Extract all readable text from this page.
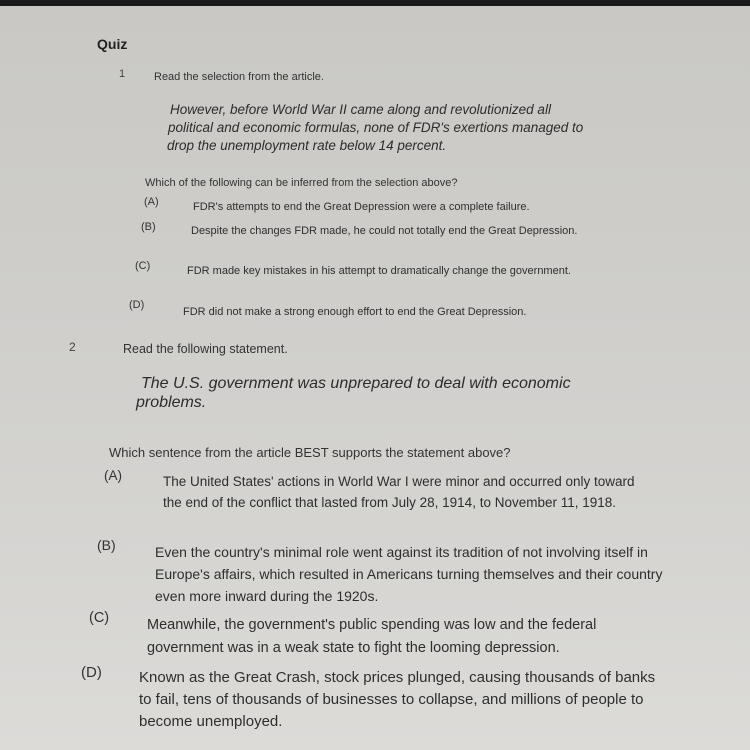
Quiz
1	Read the selection from the article.
However, before World War II came along and revolutionized all
political and economic formulas, none of FDR's exertions managed to
drop the unemployment rate below 14 percent.
Which of the following can be inferred from the selection above?
(A)	FDR's attempts to end the Great Depression were a complete failure.
(B)	Despite the changes FDR made, he could not totally end the Great Depression.
(C)	FDR made key mistakes in his attempt to dramatically change the government.
(D)
FDR did not make a strong enough effort to end the Great Depression.
2	Read the following statement.
The U.S. government was unprepared to deal with economic
problems.
Which sentence from the article BEST supports the statement above?
(A)	The United States' actions in World War I were minor and occurred only toward the end of the conflict that lasted from July 28, 1914, to November 11, 1918.
(B)	Even the country's minimal role went against its tradition of not involving itself in Europe's affairs, which resulted in Americans turning themselves and their country even more inward during the 1920s.
(C)	Meanwhile, the government's public spending was low and the federal government was in a weak state to fight the looming depression.
(D) Known as the Great Crash, stock prices plunged, causing thousands of banks to fail, tens of thousands of businesses to collapse, and millions of people to become unemployed.
